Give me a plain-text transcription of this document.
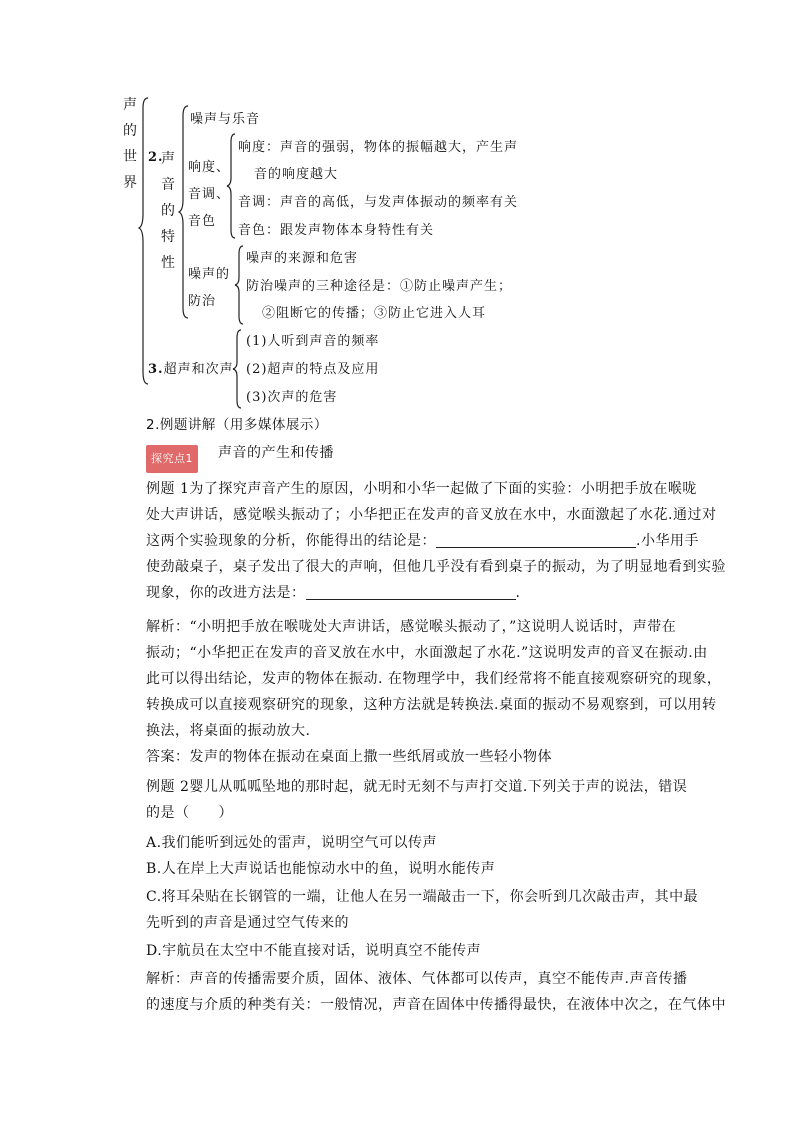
声
的
世
界
2.
声
音
的
特
性
噪声与乐音
响度、
音调、
音色
响度：声音的强弱，物体的振幅越大，产生声
音的响度越大
音调：声音的高低，与发声体振动的频率有关
音色：跟发声物体本身特性有关
噪声的
防治
噪声的来源和危害
防治噪声的三种途径是：①防止噪声产生；
②阻断它的传播；③防止它进入人耳
3.超声和次声
(1)人听到声音的频率
(2)超声的特点及应用
(3)次声的危害
2.例题讲解（用多媒体展示）
探究点1	声音的产生和传播
例题 1为了探究声音产生的原因，小明和小华一起做了下面的实验：小明把手放在喉咙
处大声讲话，感觉喉头振动了；小华把正在发声的音叉放在水中，水面激起了水花.通过对
这两个实验现象的分析，你能得出的结论是：	.小华用手
使劲敲桌子，桌子发出了很大的声响，但他几乎没有看到桌子的振动，为了明显地看到实验
现象，你的改进方法是：	.
解析：“小明把手放在喉咙处大声讲话，感觉喉头振动了，”这说明人说话时，声带在
振动；“小华把正在发声的音叉放在水中，水面激起了水花.”这说明发声的音叉在振动.由
此可以得出结论，发声的物体在振动. 在物理学中，我们经常将不能直接观察研究的现象，
转换成可以直接观察研究的现象，这种方法就是转换法.桌面的振动不易观察到，可以用转
换法，将桌面的振动放大.
答案：发声的物体在振动在桌面上撒一些纸屑或放一些轻小物体
例题 2婴儿从呱呱坠地的那时起，就无时无刻不与声打交道.下列关于声的说法，错误
的是（　　）
A.我们能听到远处的雷声，说明空气可以传声
B.人在岸上大声说话也能惊动水中的鱼，说明水能传声
C.将耳朵贴在长钢管的一端，让他人在另一端敲击一下，你会听到几次敲击声，其中最
先听到的声音是通过空气传来的
D.宇航员在太空中不能直接对话，说明真空不能传声
解析：声音的传播需要介质，固体、液体、气体都可以传声，真空不能传声.声音传播
的速度与介质的种类有关：一般情况，声音在固体中传播得最快，在液体中次之，在气体中
